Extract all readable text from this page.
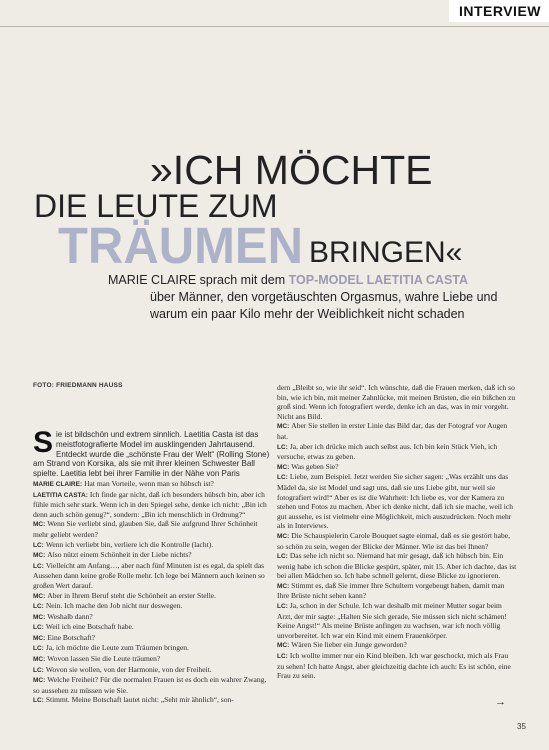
INTERVIEW
»ICH MÖCHTE
DIE LEUTE ZUM
TRÄUMEN BRINGEN«
MARIE CLAIRE sprach mit dem TOP-MODEL LAETITIA CASTA
über Männer, den vorgetäuschten Orgasmus, wahre Liebe und
warum ein paar Kilo mehr der Weiblichkeit nicht schaden
FOTO: FRIEDMANN HAUSS

Sie ist bildschön und extrem sinnlich. Laetitia Casta ist das meistfotografierte Model im ausklingenden Jahrtausend. Entdeckt wurde die „schönste Frau der Welt“ (Rolling Stone) am Strand von Korsika, als sie mit ihrer kleinen Schwester Ball spielte. Laetitia lebt bei ihrer Familie in der Nähe von Paris

MARIE CLAIRE: Hat man Vorteile, wenn man so hübsch ist?

LAETITIA CASTA: Ich finde gar nicht, daß ich besonders hübsch bin, aber ich fühle mich sehr stark. Wenn ich in den Spiegel sehe, denke ich nicht: „Bin ich denn auch schön genug?“, sondern: „Bin ich menschlich in Ordnung?“

MC: Wenn Sie verliebt sind, glauben Sie, daß Sie aufgrund Ihrer Schönheit mehr geliebt werden?

LC: Wenn ich verliebt bin, verliere ich die Kontrolle (lacht).

MC: Also nützt einem Schönheit in der Liebe nichts?

LC: Vielleicht am Anfang…, aber nach fünf Minuten ist es egal, da spielt das Aussehen dann keine große Rolle mehr. Ich lege bei Männern auch keinen so großen Wert darauf.

MC: Aber in Ihrem Beruf steht die Schönheit an erster Stelle.

LC: Nein. Ich mache den Job nicht nur deswegen.

MC: Weshalb dann?

LC: Weil ich eine Botschaft habe.

MC: Eine Botschaft?

LC: Ja, ich möchte die Leute zum Träumen bringen.

MC: Wovon lassen Sie die Leute träumen?

LC: Wovon sie wollen, von der Harmonie, von der Freiheit.

MC: Welche Freiheit? Für die normalen Frauen ist es doch ein wahrer Zwang, so aussehen zu müssen wie Sie.

LC: Stimmt. Meine Botschaft lautet nicht: „Seht mir ähnlich“, son-

dern „Bleibt so, wie ihr seid“. Ich wünschte, daß die Frauen merken, daß ich so bin, wie ich bin, mit meiner Zahnlücke, mit meinen Brüsten, die ein bißchen zu groß sind. Wenn ich fotografiert werde, denke ich an das, was in mir vorgeht. Nicht ans Bild.

MC: Aber Sie stellen in erster Linie das Bild dar, das der Fotograf vor Augen hat.

LC: Ja, aber ich drücke mich auch selbst aus. Ich bin kein Stück Vieh, ich versuche, etwas zu geben.

MC: Was geben Sie?

LC: Liebe, zum Beispiel. Jetzt werden Sie sicher sagen: „Was erzählt uns das Mädel da, sie ist Model und sagt uns, daß sie uns Liebe gibt, nur weil sie fotografiert wird!“ Aber es ist die Wahrheit: Ich liebe es, vor der Kamera zu stehen und Fotos zu machen. Aber ich denke nicht, daß ich sie mache, weil ich gut aussehe, es ist vielmehr eine Möglichkeit, mich auszudrücken. Noch mehr als in Interviews.

MC: Die Schauspielerin Carole Bouquet sagte einmal, daß es sie gestört habe, so schön zu sein, wegen der Blicke der Männer. Wie ist das bei Ihnen?

LC: Das sehe ich nicht so. Niemand hat mir gesagt, daß ich hübsch bin. Ein wenig habe ich schon die Blicke gespürt, später, mit 15. Aber ich dachte, das ist bei allen Mädchen so. Ich habe schnell gelernt, diese Blicke zu ignorieren.

MC: Stimmt es, daß Sie immer Ihre Schultern vorgebeugt haben, damit man Ihre Brüste nicht sehen kann?

LC: Ja, schon in der Schule. Ich war deshalb mit meiner Mutter sogar beim Arzt, der mir sagte: „Halten Sie sich gerade, Sie müssen sich nicht schämen! Keine Angst!“ Als meine Brüste anfingen zu wachsen, war ich noch völlig unvorbereitet. Ich war ein Kind mit einem Frauenkörper.

MC: Wären Sie lieber ein Junge geworden?

LC: Ich wollte immer nur ein Kind bleiben. Ich war geschockt, mich als Frau zu sehen! Ich hatte Angst, aber gleichzeitig dachte ich auch: Es ist schön, eine Frau zu sein.

→
35
